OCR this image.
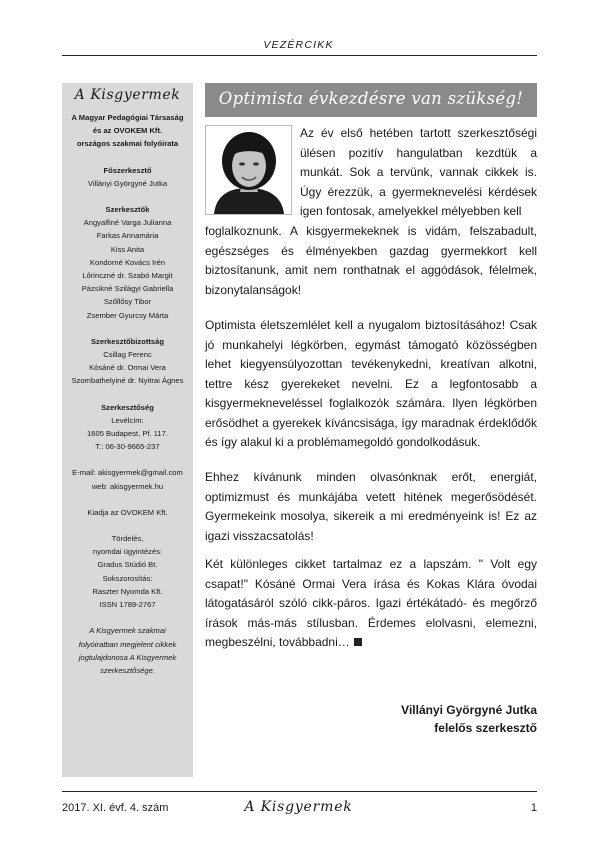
VEZÉRCIKK
A Kisgyermek
A Magyar Pedagógiai Társaság
és az OVOKEM Kft.
országos szakmai folyóirata
Főszerkesztő
Villányi Györgyné Jutka
Szerkesztők
Angyalfiné Varga Julianna
Farkas Annamária
Kiss Anita
Kondorné Kovács Irén
Lőrinczné dr. Szabó Margit
Pázsikné Szilágyi Gabriella
Szőllősy Tibor
Zsember Gyurcsy Márta
Szerkesztőbizottság
Csillag Ferenc
Kósáné dr. Ormai Vera
Szombathelyiné dr. Nyitrai Ágnes
Szerkesztőség
Levélcím:
1605 Budapest, Pf. 117.
T.: 06-30-9665-237
E-mail: akisgyermek@gmail.com
web: akisgyermek.hu
Kiadja az OVOKEM Kft.
Tördelés,
nyomdai ügyintézés:
Gradus Stúdió Bt.
Sokszorosítás:
Raszter Nyomda Kft.
ISSN 1789-2767
A Kisgyermek szakmai
folyóiratban megjelent cikkek
jogtulajdonosa A Kisgyermek
szerkesztősége.
Optimista évkezdésre van szükség!
Az év első hetében tartott szerkesztőségi ülésen pozitív hangulatban kezdtük a munkát. Sok a tervünk, vannak cikkek is. Úgy érezzük, a gyermeknevelési kérdések igen fontosak, amelyekkel mélyebben kell
foglalkoznunk. A kisgyermekeknek is vidám, felszabadult, egészséges és élményekben gazdag gyermekkort kell biztosítanunk, amit nem ronthatnak el aggódások, félelmek, bizonytalanságok!
Optimista életszemlélet kell a nyugalom biztosításához! Csak jó munkahelyi légkörben, egymást támogató közösségben lehet kiegyensúlyozottan tevékenykedni, kreatívan alkotni, tettre kész gyerekeket nevelni. Ez a legfontosabb a kisgyermekneveléssel foglalkozók számára. Ilyen légkörben erősödhet a gyerekek kíváncsisága, így maradnak érdeklődők és így alakul ki a problémamegoldó gondolkodásuk.
Ehhez kívánunk minden olvasónknak erőt, energiát, optimizmust és munkájába vetett hitének megerősödését. Gyermekeink mosolya, sikereik a mi eredményeink is! Ez az igazi visszacsatolás!
Két különleges cikket tartalmaz ez a lapszám. " Volt egy csapat!" Kósáné Ormai Vera írása és Kokas Klára óvodai látogatásáról szóló cikk-páros. Igazi értékátadó- és megőrző írások más-más stílusban. Érdemes elolvasni, elemezni, megbeszélni, továbbadni…
Villányi Györgyné Jutka
felelős szerkesztő
2017. XI. évf. 4. szám	A Kisgyermek	1
